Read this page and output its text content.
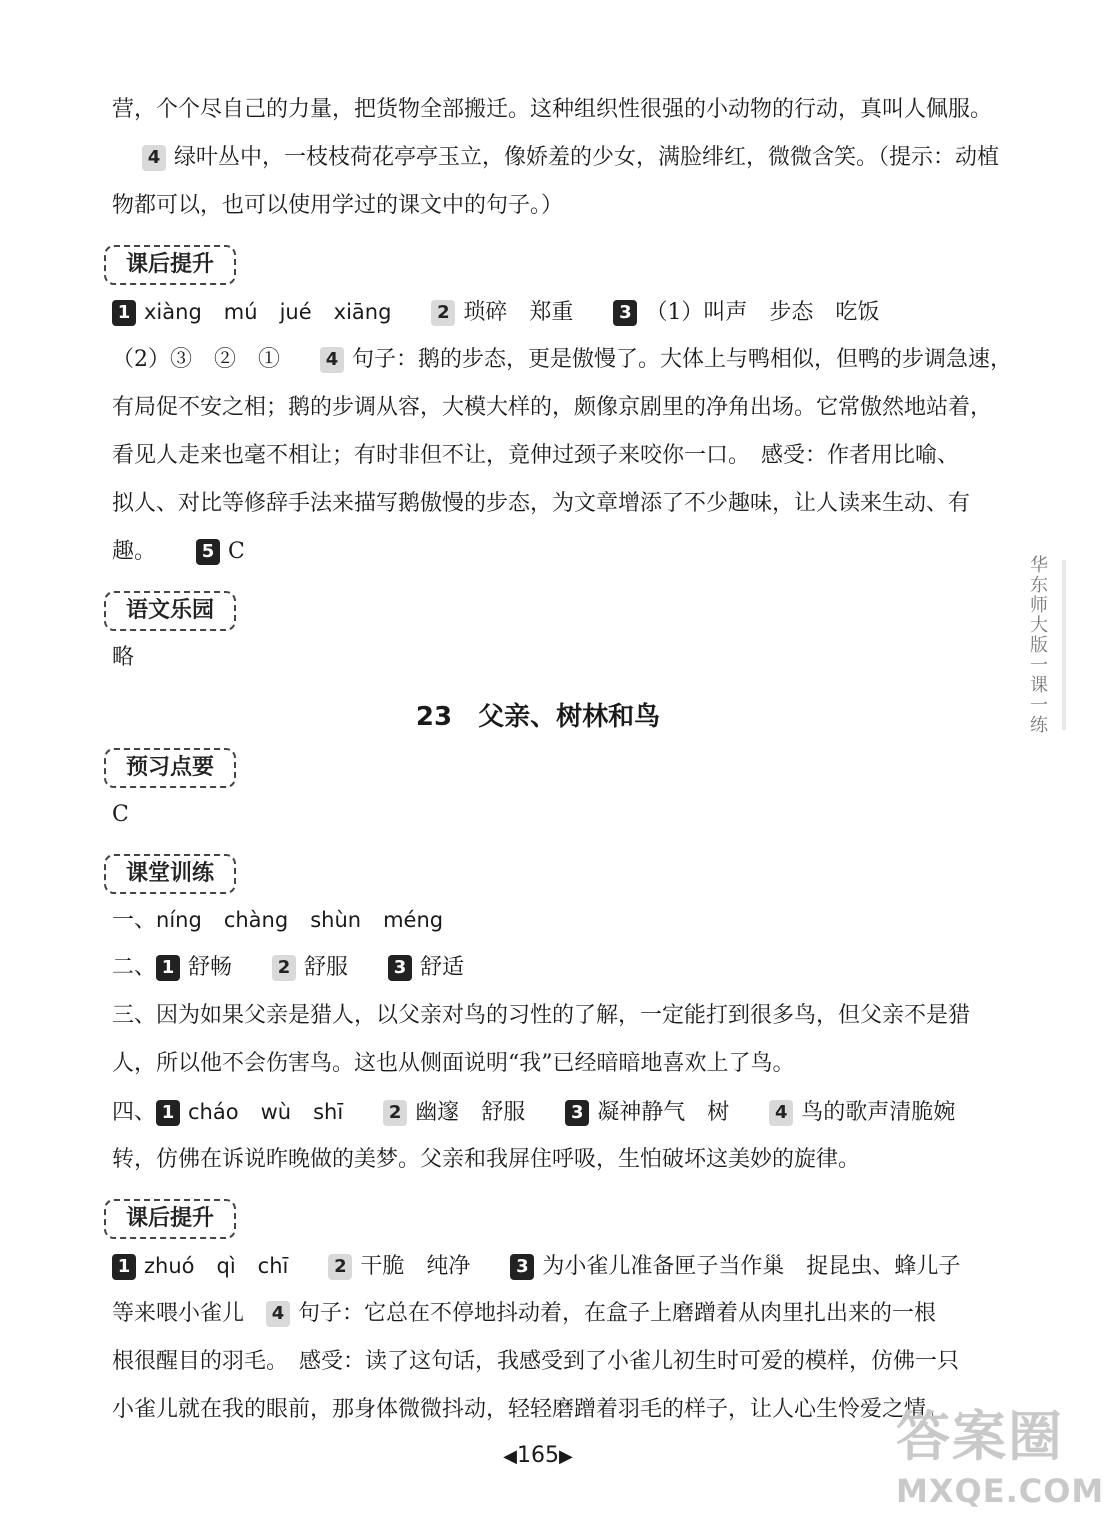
营，个个尽自己的力量，把货物全部搬迁。这种组织性很强的小动物的行动，真叫人佩服。
4 绿叶丛中，一枝枝荷花亭亭玉立，像娇羞的少女，满脸绯红，微微含笑。（提示：动植
物都可以，也可以使用学过的课文中的句子。）
课后提升
1 xiàng mú jué xiāng	2 琐碎　郑重	3 （1）叫声　步态　吃饭
（2）③　②　①	4 句子：鹅的步态，更是傲慢了。大体上与鸭相似，但鸭的步调急速，
有局促不安之相；鹅的步调从容，大模大样的，颇像京剧里的净角出场。它常傲然地站着，
看见人走来也毫不相让；有时非但不让，竟伸过颈子来咬你一口。　感受：作者用比喻、
拟人、对比等修辞手法来描写鹅傲慢的步态，为文章增添了不少趣味，让人读来生动、有
趣。	5 C
语文乐园
略
23　父亲、树林和鸟
预习点要
C
课堂训练
一、níng chàng shùn méng
二、 1 舒畅	2 舒服	3 舒适
三、因为如果父亲是猎人，以父亲对鸟的习性的了解，一定能打到很多鸟，但父亲不是猎
人，所以他不会伤害鸟。这也从侧面说明“我”已经暗暗地喜欢上了鸟。
四、 1 cháo wù shī	2 幽邃　舒服	3 凝神静气　树	4 鸟的歌声清脆婉
转，仿佛在诉说昨晚做的美梦。父亲和我屏住呼吸，生怕破坏这美妙的旋律。
课后提升
1 zhuó qì chī	2 干脆　纯净	3 为小雀儿准备匣子当作巢　捉昆虫、蜂儿子
等来喂小雀儿 4 句子：它总在不停地抖动着，在盒子上磨蹭着从肉里扎出来的一根
根很醒目的羽毛。　感受：读了这句话，我感受到了小雀儿初生时可爱的模样，仿佛一只
小雀儿就在我的眼前，那身体微微抖动，轻轻磨蹭着羽毛的样子，让人心生怜爱之情。
华东师大版一课一练
◀165▶	答案圈
MXQE.COM
